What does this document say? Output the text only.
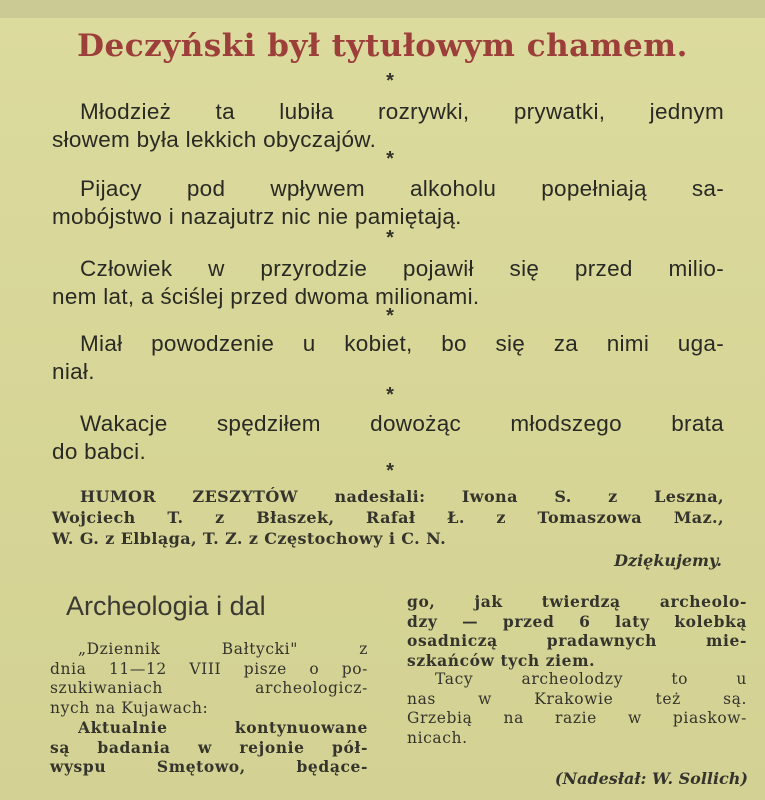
Deczyński był tytułowym chamem.
*
Młodzież ta lubiła rozrywki, prywatki, jednym
słowem była lekkich obyczajów.
*
Pijacy pod wpływem alkoholu popełniają sa-
mobójstwo i nazajutrz nic nie pamiętają.
*
Człowiek w przyrodzie pojawił się przed milio-
nem lat, a ściślej przed dwoma milionami.
*
Miał powodzenie u kobiet, bo się za nimi uga-
niał.
*
Wakacje spędziłem dowożąc młodszego brata
do babci.
*
HUMOR ZESZYTÓW nadesłali: Iwona S. z Leszna,
Wojciech T. z Błaszek, Rafał Ł. z Tomaszowa Maz.,
W. G. z Elbląga, T. Z. z Częstochowy i C. N.
Dziękujemy.
Archeologia i dal
„Dziennik Bałtycki" z
dnia 11—12 VIII pisze o po-
szukiwaniach archeologicz-
nych na Kujawach:
Aktualnie kontynuowane
są badania w rejonie pół-
wyspu Smętowo, będące-
go, jak twierdzą archeolo-
dzy — przed 6 laty kolebką
osadniczą pradawnych mie-
szkańców tych ziem.
Tacy archeolodzy to u
nas w Krakowie też są.
Grzebią na razie w piaskow-
nicach.
(Nadesłał: W. Sollich)
